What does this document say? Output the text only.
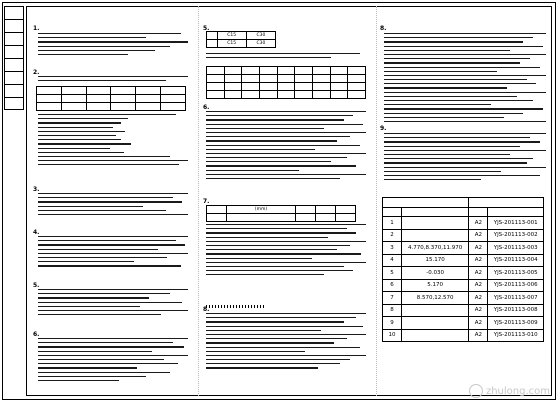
1.
2.

3.
4.
5.
6.
5.
	C15	C30
	C15	C30

6.
7.
	(mm)			

8.
8.
9.

1		A2	YJS-201113-001
2		A2	YJS-201113-002
3	4.770,8.370,11.970	A2	YJS-201113-003
4	15.170	A2	YJS-201113-004
5	-0.030	A2	YJS-201113-005
6	5.170	A2	YJS-201113-006
7	8.570,12.570	A2	YJS-201113-007
8		A2	YJS-201113-008
9		A2	YJS-201113-009
10		A2	YJS-201113-010
zhulong.com
